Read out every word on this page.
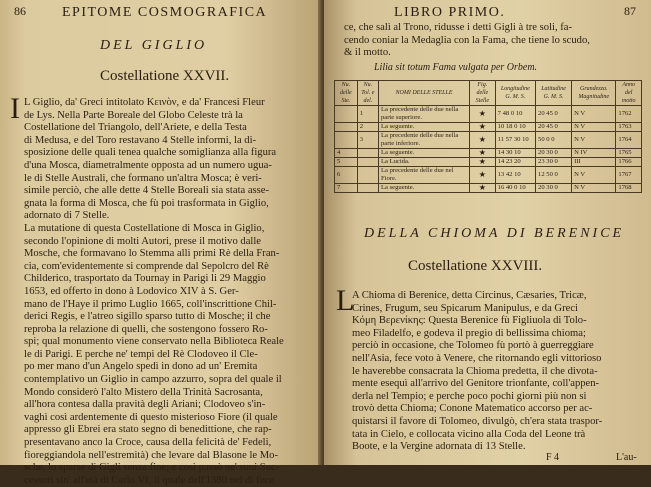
86	EPITOME COSMOGRAFICA
DEL GIGLIO
Costellatione XXVII.
I L Giglio, da' Greci intitolato Κεινὸν, e da' Francesi Fleur
de Lys. Nella Parte Boreale del Globo Celeste trà la
Costellatione del Triangolo, dell'Ariete, e della Testa
di Medusa, e del Toro restavano 4 Stelle informi, la di-
sposizione delle quali tenea qualche somiglianza alla figura
d'una Mosca, diametralmente opposta ad un numero ugua-
le di Stelle Australi, che formano un'altra Mosca; è veri-
simile perciò, che alle dette 4 Stelle Boreali sia stata asse-
gnata la forma di Mosca, che fù poi trasformata in Giglio,
adornato di 7 Stelle.
La mutatione di questa Costellatione di Mosca in Giglio,
secondo l'opinione di molti Autori, prese il motivo dalle
Mosche, che formavano lo Stemma alli primi Rè della Fran-
cia, com'evidentemente si comprende dal Sepolcro del Rè
Childerico, trasportato da Tournay in Parigi li 29 Maggio
1653, ed offerto in dono à Lodovico XIV à S. Ger-
mano de l'Haye il primo Luglio 1665, coll'inscrittione Chil-
derici Regis, e l'atreo sigillo sparso tutto di Mosche; il che
reproba la relazione di quelli, che sostengono fossero Ro-
spi; qual monumento viene conservato nella Biblioteca Reale
le di Parigi. E perche ne' tempi del Rè Clodoveo il Cle-
po mer mano d'un Angelo spedì in dono ad un' Eremita
contemplativo un Giglio in campo azzurro, sopra del quale il
Mondo considerò l'alto Mistero della Trinità Sacrosanta,
all'hora contesa dalla pravità degli Ariani; Clodoveo s'in-
vaghì così ardentemente di questo misterioso Fiore (il quale
appresso gli Ebrei era stato segno di benedittione, che rap-
presentavano anco la Croce, causa della felicità de' Fedeli,
fioreggiandola nell'estremità) che levare dal Blasone le Mo-
sche, lo sparse di Gigli senza fine; e così passò ne' suoi Suc-
cessori sin' all'età di Carlo VI, il quale dell'1380 nel di fece
LIBRO PRIMO.	87
ce, che salì al Trono, ridusse i detti Gigli à tre soli, fa-
cendo coniar la Medaglia con la Fama, che tiene lo scudo,
& il motto.
Lilia sit totum Fama vulgata per Orbem.
Nu. delle Ste.	Nu. Tol. e del.	NOMI DELLE STELLE	Fig. delle Stelle	Longitudine G. M. S.	Latitudine G. M. S.	Grandezza. Magnitudine	Anno del motto
	1	La precedente delle due nella parte superiore.	★	7 48 0 10	20 45 0	N V	1762
	2	La seguente.	★	10 18 0 10	20 45 0	N V	1763
	3	La precedente delle due nella parte inferiore.	★	11 57 30 10	50 0 0	N V	1764
4		La seguente.	★	14 30 10	20 30 0	N IV	1765
5		La Lucida.	★	14 23 20	23 30 0	III	1766
6		La precedente delle due nel Fiore.	★	13 42 10	12 50 0	N V	1767
7		La seguente.	★	16 40 0 10	20 30 0	N V	1768
DELLA CHIOMA DI BERENICE
Costellatione XXVIII.
L
A Chioma di Berenice, detta Circinus, Cæsaries, Tricæ,
Crines, Frugum, seu Spicarum Manipulus, e da Greci
Κόμη Βερενίκης: Questa Berenice fù Figliuola di Tolo-
meo Filadelfo, e godeva il pregio di bellissima chioma;
perciò in occasione, che Tolomeo fù portò à guerreggiare
nell'Asia, fece voto à Venere, che ritornando egli vittorioso
le haverebbe consacrata la Chioma predetta, il che divota-
mente esequì all'arrivo del Genitore trionfante, coll'appen-
derla nel Tempio; e perche poco pochi giorni più non si
trovò detta Chioma; Conone Matematico accorso per ac-
quistarsi il favore di Tolomeo, divulgò, ch'era stata traspor-
tata in Cielo, e collocata vicino alla Coda del Leone trà
Boote, e la Vergine adornata di 13 Stelle.
F 4	L'au-
